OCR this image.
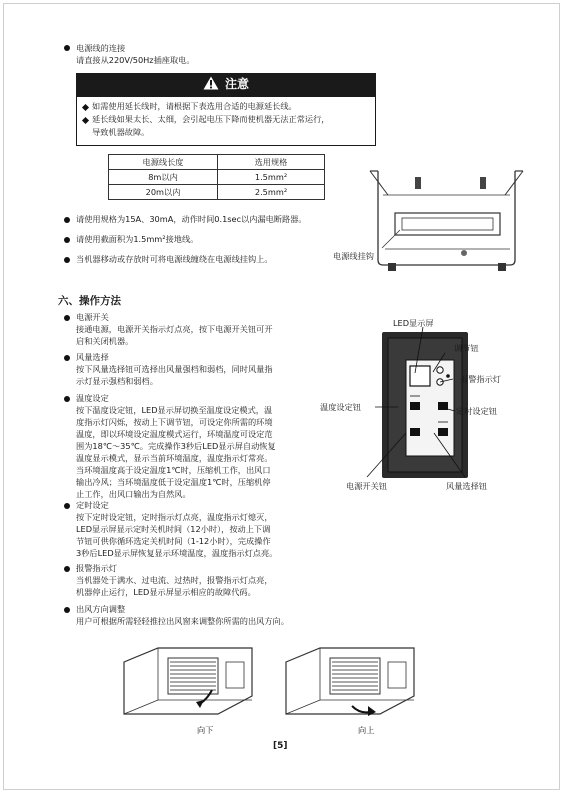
电源线的连接
请直接从220V/50Hz插座取电。
注意
如需使用延长线时，请根据下表选用合适的电源延长线。
延长线如果太长、太细，会引起电压下降而使机器无法正常运行，
导致机器故障。
电源线长度	选用规格
8m以内	1.5mm²
20m以内	2.5mm²
请使用规格为15A、30mA，动作时间0.1sec以内漏电断路器。
请使用截面积为1.5mm²接地线。
当机器移动或存放时可将电源线缠绕在电源线挂钩上。	电源线挂钩
六、操作方法
电源开关
接通电源，电源开关指示灯点亮，按下电源开关钮可开
启和关闭机器。
风量选择
按下风量选择钮可选择出风量强档和弱档，同时风量指
示灯显示强档和弱档。
温度设定
按下温度设定钮，LED显示屏切换至温度设定模式，温
度指示灯闪烁，按动上下调节钮，可设定你所需的环境
温度，即以环境设定温度模式运行，环境温度可设定范
围为18℃～35℃。完成操作3秒后LED显示屏自动恢复
温度显示模式，显示当前环境温度，温度指示灯常亮。
当环境温度高于设定温度1℃时，压缩机工作，出风口
输出冷风；当环境温度低于设定温度1℃时，压缩机停
止工作，出风口输出为自然风。
定时设定
按下定时设定钮，定时指示灯点亮，温度指示灯熄灭，
LED显示屏显示定时关机时间（12小时），按动上下调
节钮可供你循环选定关机时间（1-12小时），完成操作
3秒后LED显示屏恢复显示环境温度，温度指示灯点亮。
报警指示灯
当机器处于满水、过电流、过热时，报警指示灯点亮，
机器停止运行，LED显示屏显示相应的故障代码。
出风方向调整
用户可根据所需轻轻推拉出风窗来调整你所需的出风方向。
LED显示屏
调节钮
报警指示灯
温度设定钮	定时设定钮
电源开关钮	风量选择钮
向下	向上
[5]
